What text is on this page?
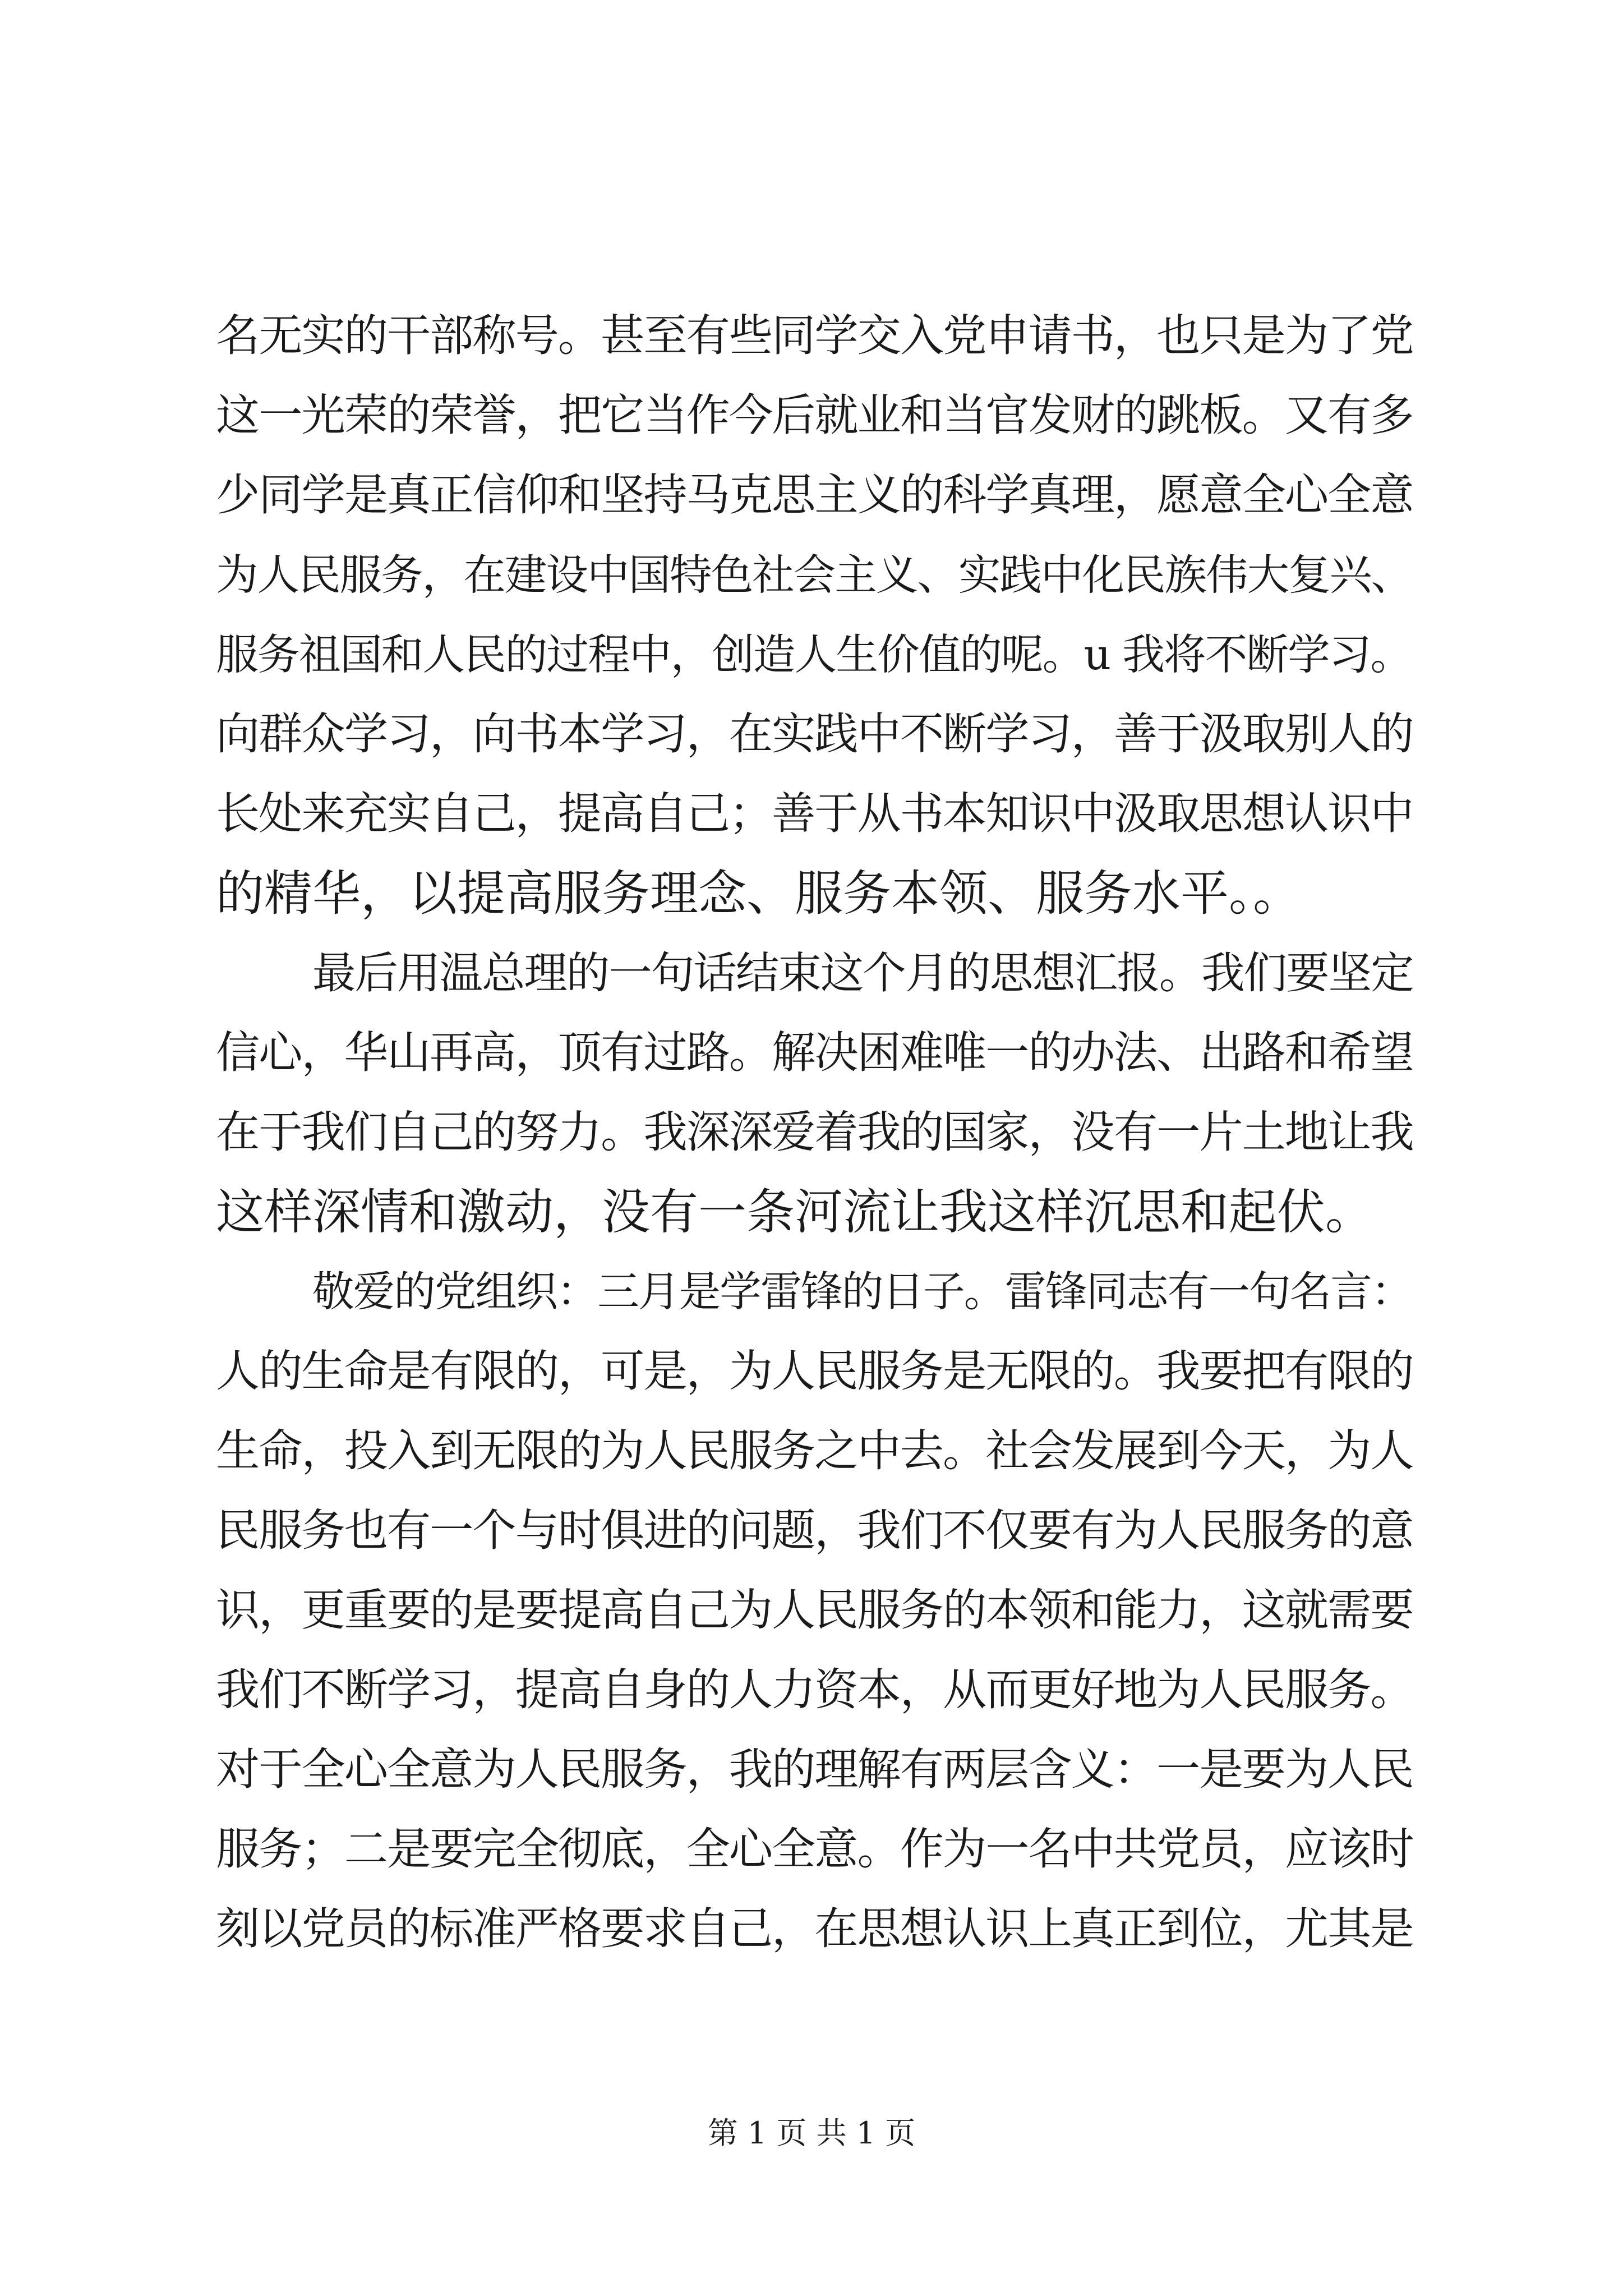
名无实的干部称号。甚至有些同学交入党申请书，也只是为了党
这一光荣的荣誉，把它当作今后就业和当官发财的跳板。又有多
少同学是真正信仰和坚持马克思主义的科学真理，愿意全心全意
为人民服务，在建设中国特色社会主义、实践中化民族伟大复兴、
服务祖国和人民的过程中，创造人生价值的呢。u 我将不断学习。
向群众学习，向书本学习，在实践中不断学习，善于汲取别人的
长处来充实自己，提高自己；善于从书本知识中汲取思想认识中
的精华，以提高服务理念、服务本领、服务水平。。
最后用温总理的一句话结束这个月的思想汇报。我们要坚定
信心，华山再高，顶有过路。解决困难唯一的办法、出路和希望
在于我们自己的努力。我深深爱着我的国家，没有一片土地让我
这样深情和激动，没有一条河流让我这样沉思和起伏。
敬爱的党组织：三月是学雷锋的日子。雷锋同志有一句名言：
人的生命是有限的，可是，为人民服务是无限的。我要把有限的
生命，投入到无限的为人民服务之中去。社会发展到今天，为人
民服务也有一个与时俱进的问题，我们不仅要有为人民服务的意
识，更重要的是要提高自己为人民服务的本领和能力，这就需要
我们不断学习，提高自身的人力资本，从而更好地为人民服务。
对于全心全意为人民服务，我的理解有两层含义：一是要为人民
服务；二是要完全彻底，全心全意。作为一名中共党员，应该时
刻以党员的标准严格要求自己，在思想认识上真正到位，尤其是
第 1 页 共 1 页
